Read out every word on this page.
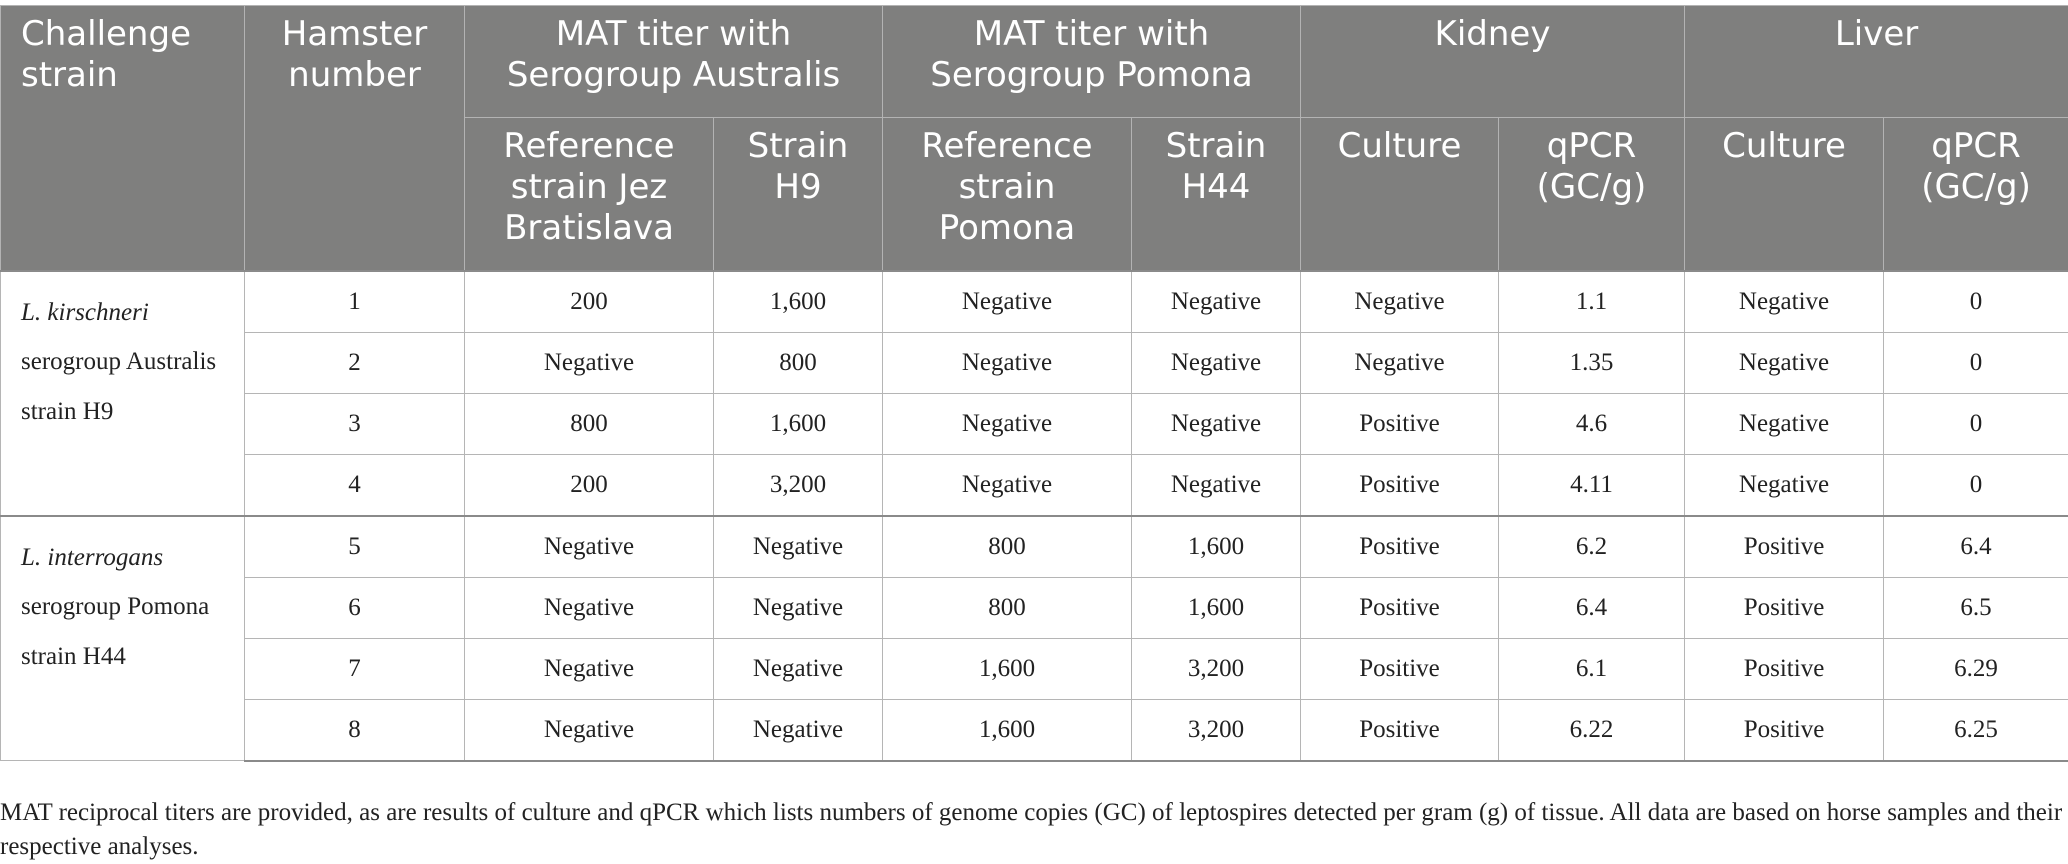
Challenge strain	Hamster number	MAT titer with Serogroup Australis		MAT titer with Serogroup Pomona		Kidney		Liver	
		Reference strain Jez Bratislava	Strain H9	Reference strain Pomona	Strain H44	Culture	qPCR (GC/g)	Culture	qPCR (GC/g)
L. kirschneri
serogroup Australis strain H9	1	200	1,600	Negative	Negative	Negative	1.1	Negative	0
	2	Negative	800	Negative	Negative	Negative	1.35	Negative	0
	3	800	1,600	Negative	Negative	Positive	4.6	Negative	0
	4	200	3,200	Negative	Negative	Positive	4.11	Negative	0
L. interrogans
serogroup Pomona strain H44	5	Negative	Negative	800	1,600	Positive	6.2	Positive	6.4
	6	Negative	Negative	800	1,600	Positive	6.4	Positive	6.5
	7	Negative	Negative	1,600	3,200	Positive	6.1	Positive	6.29
	8	Negative	Negative	1,600	3,200	Positive	6.22	Positive	6.25

MAT reciprocal titers are provided, as are results of culture and qPCR which lists numbers of genome copies (GC) of leptospires detected per gram (g) of tissue. All data are based on horse samples and their respective analyses.
